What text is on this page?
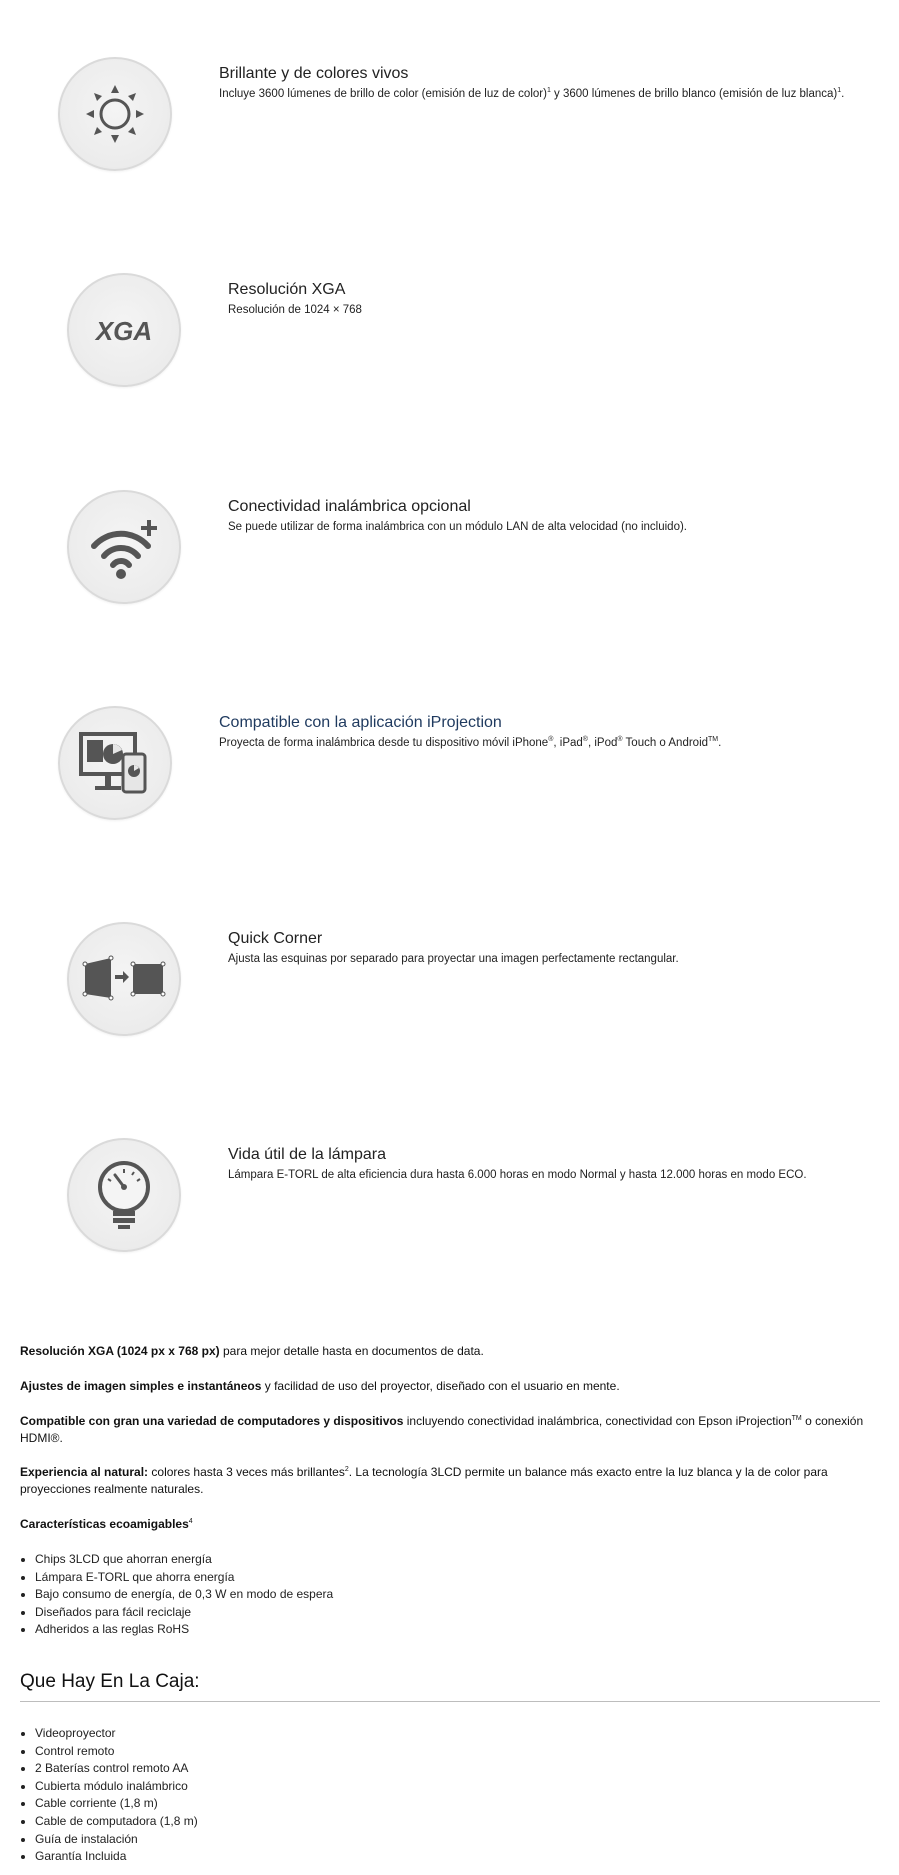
Brillante y de colores vivos
Incluye 3600 lúmenes de brillo de color (emisión de luz de color)$^1$ y 3600 lúmenes de brillo blanco (emisión de luz blanca)$^1$.
XGA
Resolución XGA
Resolución de 1024 × 768
Conectividad inalámbrica opcional
Se puede utilizar de forma inalámbrica con un módulo LAN de alta velocidad (no incluido).
Compatible con la aplicación iProjection
Proyecta de forma inalámbrica desde tu dispositivo móvil iPhone®, iPad®, iPod® Touch o Android™.
Quick Corner
Ajusta las esquinas por separado para proyectar una imagen perfectamente rectangular.
Vida útil de la lámpara
Lámpara E-TORL de alta eficiencia dura hasta 6.000 horas en modo Normal y hasta 12.000 horas en modo ECO.
Resolución XGA (1024 px x 768 px) para mejor detalle hasta en documentos de data.
Ajustes de imagen simples e instantáneos y facilidad de uso del proyector, diseñado con el usuario en mente.
Compatible con gran una variedad de computadores y dispositivos incluyendo conectividad inalámbrica, conectividad con Epson iProjection™ o conexión HDMI®.
Experiencia al natural: colores hasta 3 veces más brillantes$^2$. La tecnología 3LCD permite un balance más exacto entre la luz blanca y la de color para proyecciones realmente naturales.
Características ecoamigables$^4$
• Chips 3LCD que ahorran energía
• Lámpara E-TORL que ahorra energía
• Bajo consumo de energía, de 0,3 W en modo de espera
• Diseñados para fácil reciclaje
• Adheridos a las reglas RoHS
Que Hay En La Caja:
• Videoproyector
• Control remoto
• 2 Baterías control remoto AA
• Cubierta módulo inalámbrico
• Cable corriente (1,8 m)
• Cable de computadora (1,8 m)
• Guía de instalación
• Garantía Incluida
